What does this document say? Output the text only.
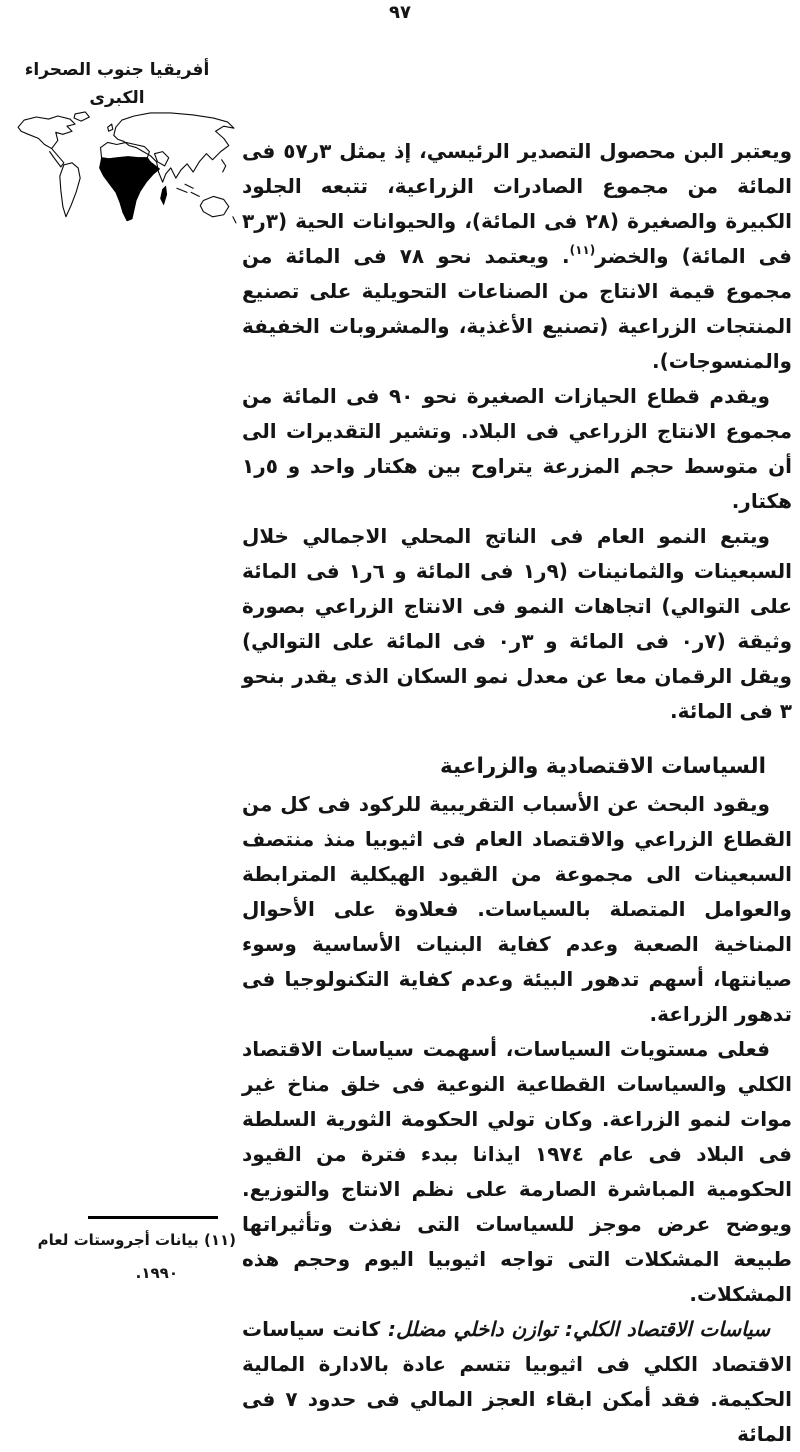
٩٧
أفريقيا جنوب الصحراء
الكبرى

ويعتبر البن محصول التصدير الرئيسي، إذ يمثل ٣ر٥٧ فى المائة من مجموع الصادرات الزراعية، تتبعه الجلود الكبيرة والصغيرة (٢٨ فى المائة)، والحيوانات الحية (٣ر٣ فى المائة) والخضر$^{(١١)}$. ويعتمد نحو ٧٨ فى المائة من مجموع قيمة الانتاج من الصناعات التحويلية على تصنيع المنتجات الزراعية (تصنيع الأغذية، والمشروبات الخفيفة والمنسوجات).

ويقدم قطاع الحيازات الصغيرة نحو ٩٠ فى المائة من مجموع الانتاج الزراعي فى البلاد. وتشير التقديرات الى أن متوسط حجم المزرعة يتراوح بين هكتار واحد و ٥ر١ هكتار.

ويتبع النمو العام فى الناتج المحلي الاجمالي خلال السبعينات والثمانينات (٩ر١ فى المائة و ٦ر١ فى المائة على التوالي) اتجاهات النمو فى الانتاج الزراعي بصورة وثيقة (٧ر٠ فى المائة و ٣ر٠ فى المائة على التوالي) ويقل الرقمان معا عن معدل نمو السكان الذى يقدر بنحو ٣ فى المائة.

السياسات الاقتصادية والزراعية

ويقود البحث عن الأسباب التقريبية للركود فى كل من القطاع الزراعي والاقتصاد العام فى اثيوبيا منذ منتصف السبعينات الى مجموعة من القيود الهيكلية المترابطة والعوامل المتصلة بالسياسات. فعلاوة على الأحوال المناخية الصعبة وعدم كفاية البنيات الأساسية وسوء صيانتها، أسهم تدهور البيئة وعدم كفاية التكنولوجيا فى تدهور الزراعة.

فعلى مستويات السياسات، أسهمت سياسات الاقتصاد الكلي والسياسات القطاعية النوعية فى خلق مناخ غير موات لنمو الزراعة. وكان تولي الحكومة الثورية السلطة فى البلاد فى عام ١٩٧٤ ايذانا ببدء فترة من القيود الحكومية المباشرة الصارمة على نظم الانتاج والتوزيع. ويوضح عرض موجز للسياسات التى نفذت وتأثيراتها طبيعة المشكلات التى تواجه اثيوبيا اليوم وحجم هذه المشكلات.

سياسات الاقتصاد الكلي: توازن داخلي مضلل: كانت سياسات الاقتصاد الكلي فى اثيوبيا تتسم عادة بالادارة المالية الحكيمة. فقد أمكن ابقاء العجز المالي فى حدود ٧ فى المائة

(١١) بيانات أجروستات لعام
١٩٩٠.
